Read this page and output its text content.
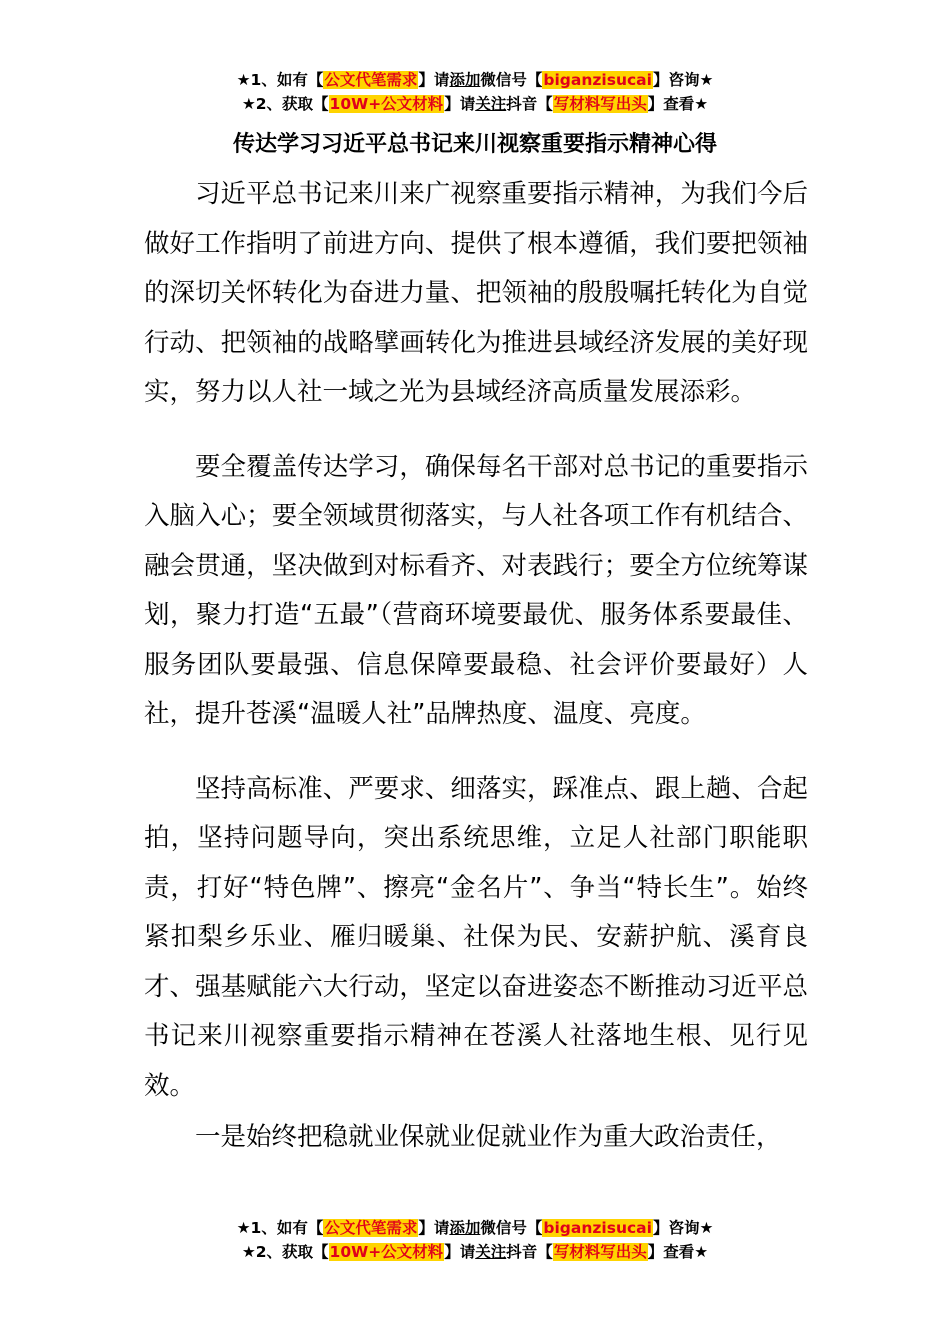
★1、如有【公文代笔需求】请添加微信号【biganzisucai】咨询★
★2、获取【10W+公文材料】请关注抖音【写材料写出头】查看★
传达学习习近平总书记来川视察重要指示精神心得

习近平总书记来川来广视察重要指示精神，为我们今后做好工作指明了前进方向、提供了根本遵循，我们要把领袖的深切关怀转化为奋进力量、把领袖的殷殷嘱托转化为自觉行动、把领袖的战略擘画转化为推进县域经济发展的美好现实，努力以人社一域之光为县域经济高质量发展添彩。

要全覆盖传达学习，确保每名干部对总书记的重要指示入脑入心；要全领域贯彻落实，与人社各项工作有机结合、融会贯通，坚决做到对标看齐、对表践行；要全方位统筹谋划，聚力打造“五最”（营商环境要最优、服务体系要最佳、服务团队要最强、信息保障要最稳、社会评价要最好）人社，提升苍溪“温暖人社”品牌热度、温度、亮度。

坚持高标准、严要求、细落实，踩准点、跟上趟、合起拍，坚持问题导向，突出系统思维，立足人社部门职能职责，打好“特色牌”、擦亮“金名片”、争当“特长生”。始终紧扣梨乡乐业、雁归暖巢、社保为民、安薪护航、溪育良才、强基赋能六大行动，坚定以奋进姿态不断推动习近平总书记来川视察重要指示精神在苍溪人社落地生根、见行见效。

一是始终把稳就业保就业促就业作为重大政治责任，

★1、如有【公文代笔需求】请添加微信号【biganzisucai】咨询★
★2、获取【10W+公文材料】请关注抖音【写材料写出头】查看★
